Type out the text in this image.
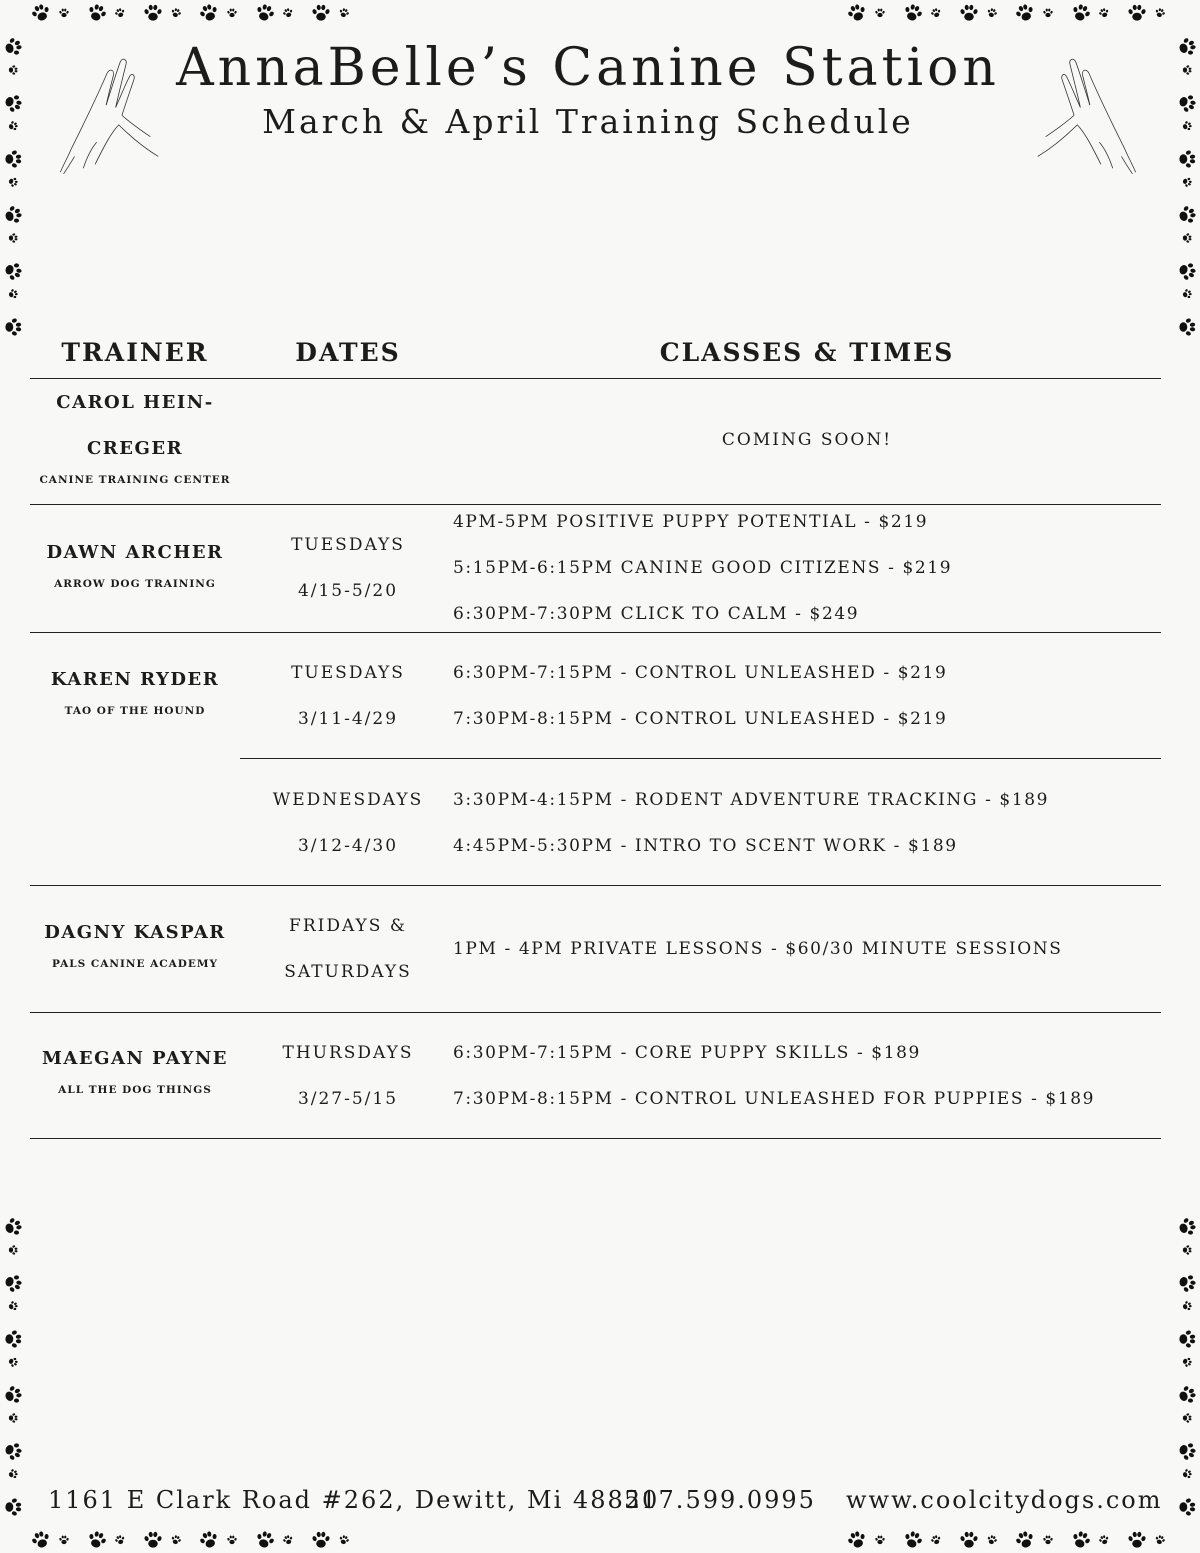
AnnaBelle’s Canine Station
March & April Training Schedule
TRAINER	DATES	CLASSES & TIMES
CAROL HEIN-
CREGER
CANINE TRAINING CENTER
COMING SOON!
DAWN ARCHER
ARROW DOG TRAINING
TUESDAYS
4/15-5/20
4PM-5PM POSITIVE PUPPY POTENTIAL - $219
5:15PM-6:15PM CANINE GOOD CITIZENS - $219
6:30PM-7:30PM CLICK TO CALM - $249
KAREN RYDER
TAO OF THE HOUND
TUESDAYS
3/11-4/29
6:30PM-7:15PM - CONTROL UNLEASHED - $219
7:30PM-8:15PM - CONTROL UNLEASHED - $219
WEDNESDAYS
3/12-4/30
3:30PM-4:15PM - RODENT ADVENTURE TRACKING - $189
4:45PM-5:30PM - INTRO TO SCENT WORK - $189
DAGNY KASPAR
PALS CANINE ACADEMY
FRIDAYS &
SATURDAYS
1PM - 4PM PRIVATE LESSONS - $60/30 MINUTE SESSIONS
MAEGAN PAYNE
ALL THE DOG THINGS
THURSDAYS
3/27-5/15
6:30PM-7:15PM - CORE PUPPY SKILLS - $189
7:30PM-8:15PM - CONTROL UNLEASHED FOR PUPPIES - $189
1161 E Clark Road #262, Dewitt, Mi 48820
517.599.0995 www.coolcitydogs.com
